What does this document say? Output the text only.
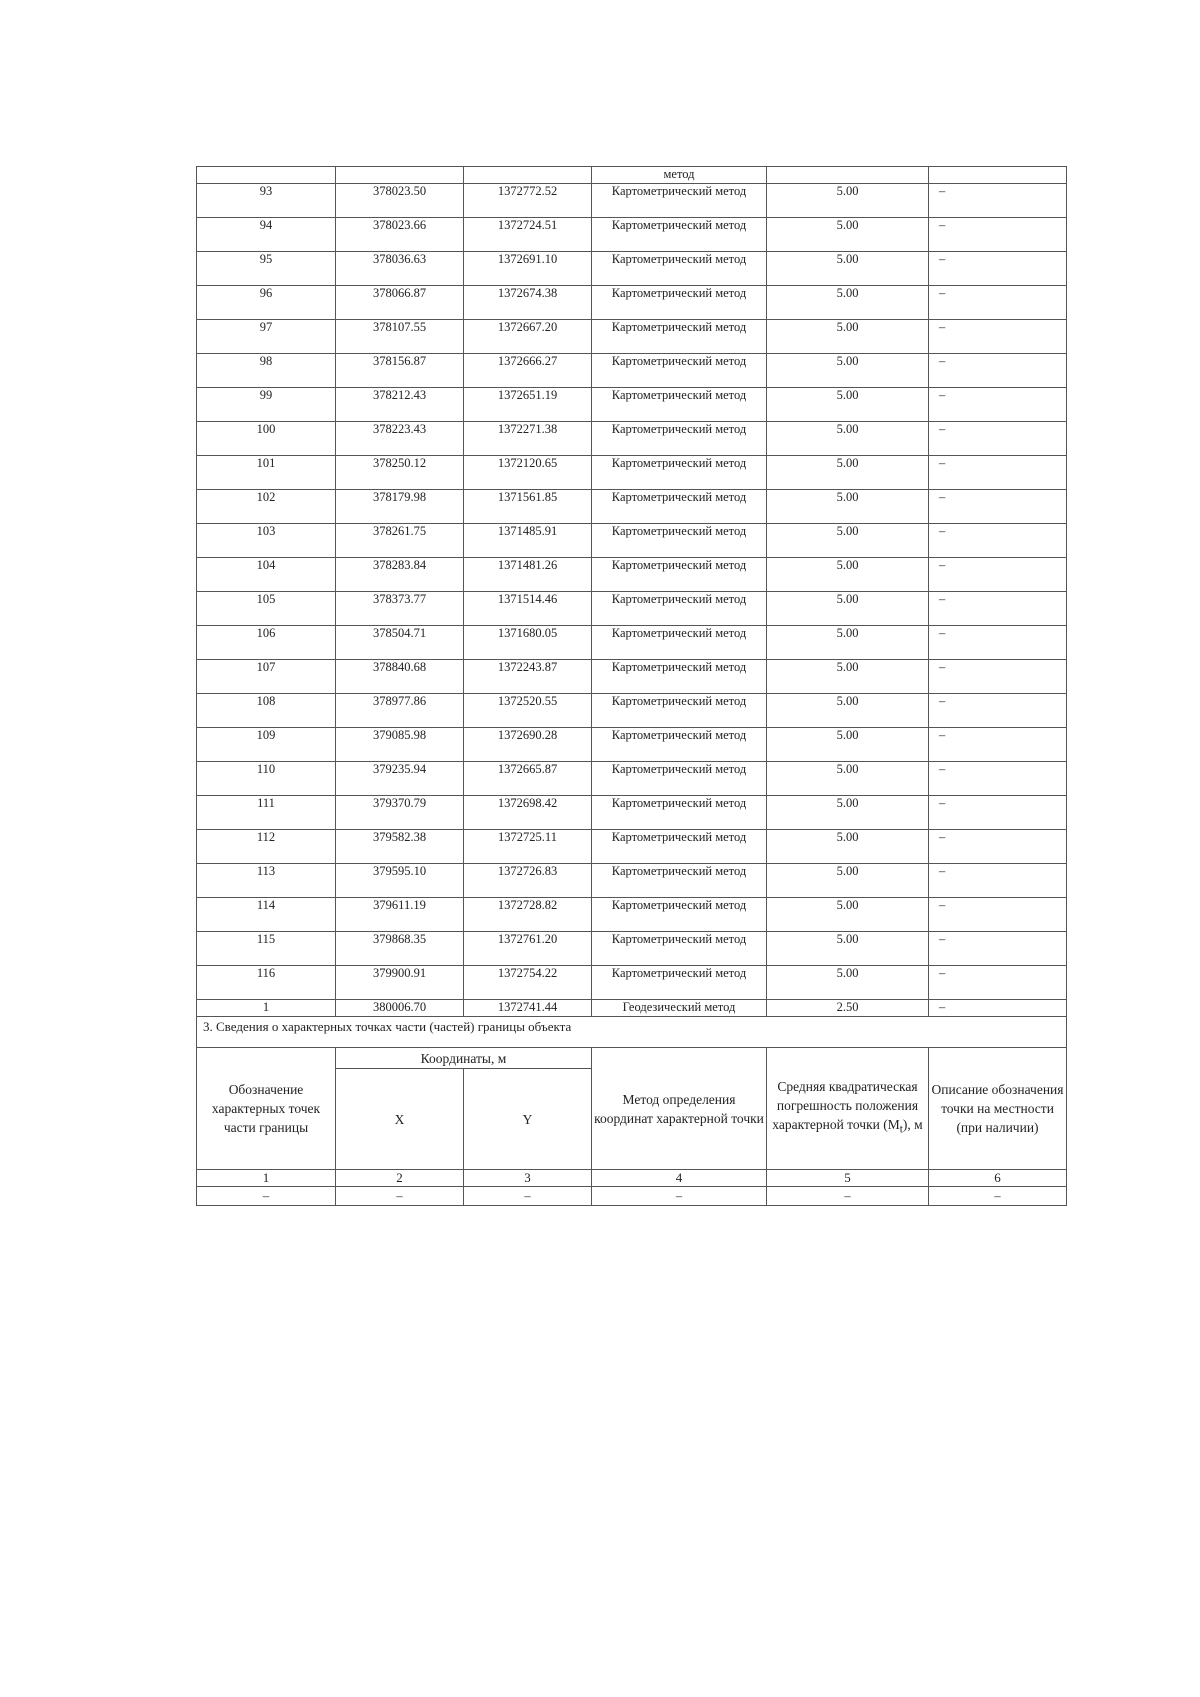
			метод		
93	378023.50	1372772.52	Картометрический метод	5.00	–
94	378023.66	1372724.51	Картометрический метод	5.00	–
95	378036.63	1372691.10	Картометрический метод	5.00	–
96	378066.87	1372674.38	Картометрический метод	5.00	–
97	378107.55	1372667.20	Картометрический метод	5.00	–
98	378156.87	1372666.27	Картометрический метод	5.00	–
99	378212.43	1372651.19	Картометрический метод	5.00	–
100	378223.43	1372271.38	Картометрический метод	5.00	–
101	378250.12	1372120.65	Картометрический метод	5.00	–
102	378179.98	1371561.85	Картометрический метод	5.00	–
103	378261.75	1371485.91	Картометрический метод	5.00	–
104	378283.84	1371481.26	Картометрический метод	5.00	–
105	378373.77	1371514.46	Картометрический метод	5.00	–
106	378504.71	1371680.05	Картометрический метод	5.00	–
107	378840.68	1372243.87	Картометрический метод	5.00	–
108	378977.86	1372520.55	Картометрический метод	5.00	–
109	379085.98	1372690.28	Картометрический метод	5.00	–
110	379235.94	1372665.87	Картометрический метод	5.00	–
111	379370.79	1372698.42	Картометрический метод	5.00	–
112	379582.38	1372725.11	Картометрический метод	5.00	–
113	379595.10	1372726.83	Картометрический метод	5.00	–
114	379611.19	1372728.82	Картометрический метод	5.00	–
115	379868.35	1372761.20	Картометрический метод	5.00	–
116	379900.91	1372754.22	Картометрический метод	5.00	–
1	380006.70	1372741.44	Геодезический метод	2.50	–
3. Сведения о характерных точках части (частей) границы объекта					
Обозначение характерных точек части границы	Координаты, м		Метод определения координат характерной точки	Средняя квадратическая погрешность положения характерной точки $(M_t)$, м	Описание обозначения точки на местности (при наличии)
	X	Y			
1	2	3	4	5	6
–	–	–	–	–	–
